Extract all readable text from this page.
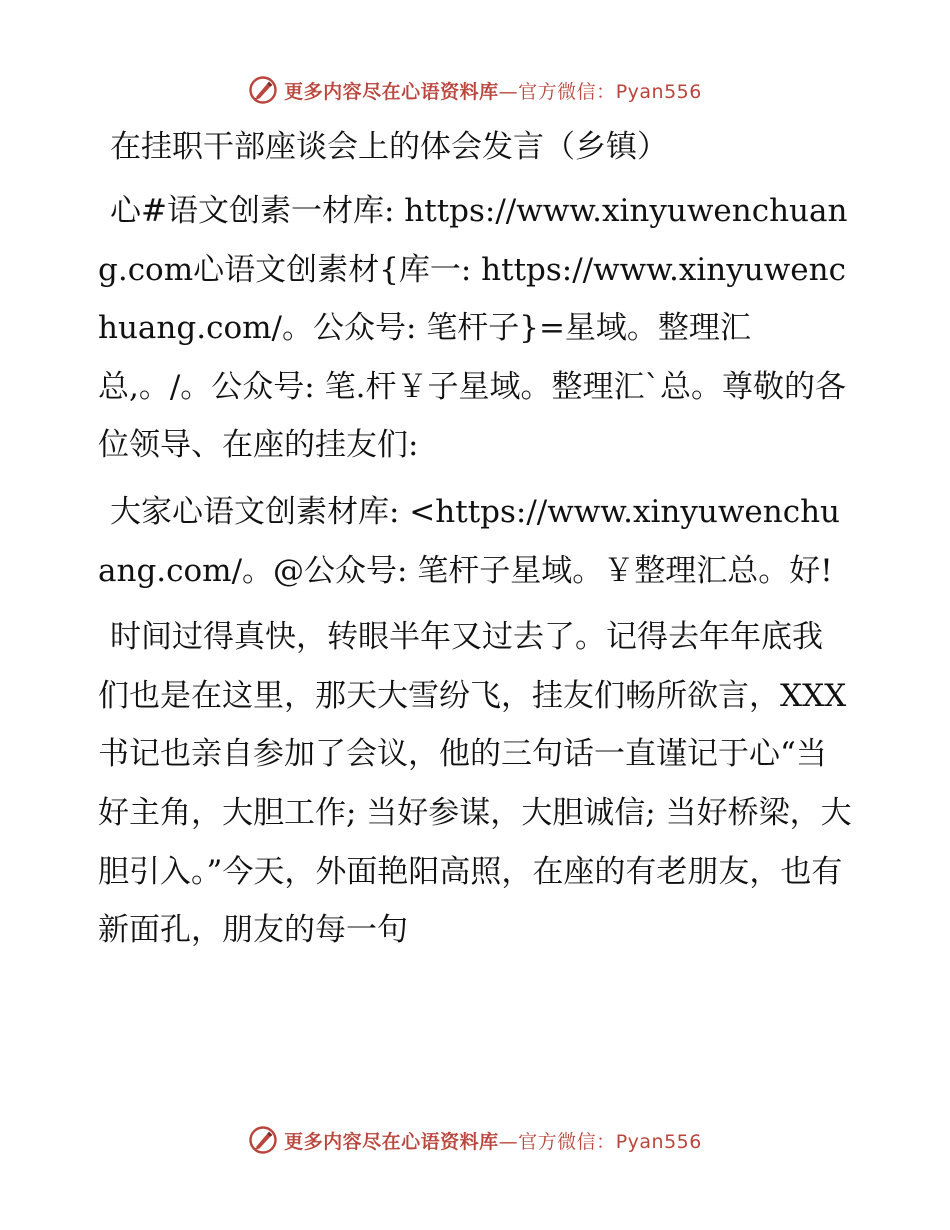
更多内容尽在心语资料库—官方微信：Pyan556
在挂职干部座谈会上的体会发言（乡镇）
心#语文创素一材库: https://www.xinyuwenchuang.com心语文创素材{库一: https://www.xinyuwenchuang.com/。公众号: 笔杆子}=星域。整理汇总,。/。公众号: 笔.杆￥子星域。整理汇`总。尊敬的各位领导、在座的挂友们:
大家心语文创素材库: <https://www.xinyuwenchuang.com/。@公众号: 笔杆子星域。￥整理汇总。好!
时间过得真快，转眼半年又过去了。记得去年年底我们也是在这里，那天大雪纷飞，挂友们畅所欲言，XXX书记也亲自参加了会议，他的三句话一直谨记于心“当好主角，大胆工作; 当好参谋，大胆诚信; 当好桥梁，大胆引入。”今天，外面艳阳高照，在座的有老朋友，也有新面孔，朋友的每一句
更多内容尽在心语资料库—官方微信：Pyan556
